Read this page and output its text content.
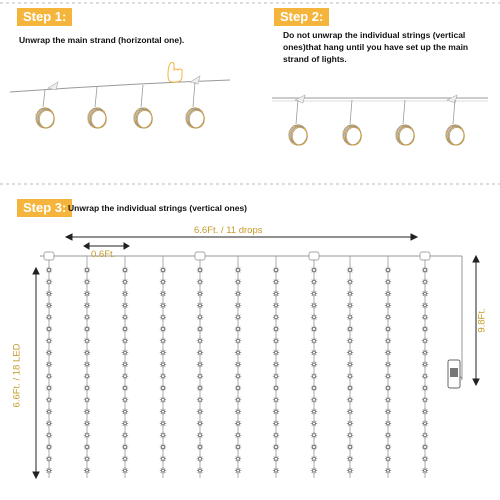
Step 1:
Unwrap the main strand (horizontal one).
Step 2:
Do not unwrap the individual strings (vertical ones)that hang until you have set up the main strand of lights.
Step 3: Unwrap the individual strings (vertical ones)
6.6Ft. / 11 drops
0.6Ft.
6.6Ft. / 18 LED
9.8Ft.
